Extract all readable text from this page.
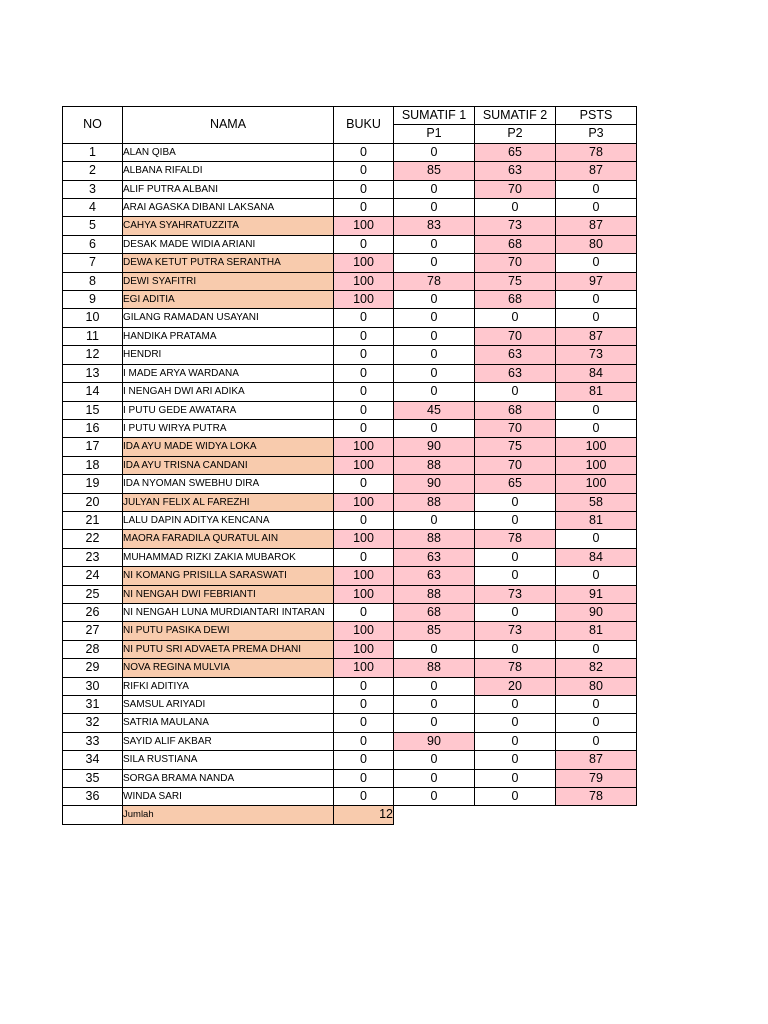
NO	NAMA	BUKU	SUMATIF 1	SUMATIF 2	PSTS
			P1	P2	P3
1	ALAN QIBA	0	0	65	78
2	ALBANA RIFALDI	0	85	63	87
3	ALIF PUTRA ALBANI	0	0	70	0
4	ARAI AGASKA DIBANI LAKSANA	0	0	0	0
5	CAHYA SYAHRATUZZITA	100	83	73	87
6	DESAK MADE WIDIA ARIANI	0	0	68	80
7	DEWA KETUT PUTRA SERANTHA	100	0	70	0
8	DEWI SYAFITRI	100	78	75	97
9	EGI ADITIA	100	0	68	0
10	GILANG RAMADAN USAYANI	0	0	0	0
11	HANDIKA PRATAMA	0	0	70	87
12	HENDRI	0	0	63	73
13	I MADE ARYA WARDANA	0	0	63	84
14	I NENGAH DWI ARI ADIKA	0	0	0	81
15	I PUTU GEDE AWATARA	0	45	68	0
16	I PUTU WIRYA PUTRA	0	0	70	0
17	IDA AYU MADE WIDYA LOKA	100	90	75	100
18	IDA AYU TRISNA CANDANI	100	88	70	100
19	IDA NYOMAN SWEBHU DIRA	0	90	65	100
20	JULYAN FELIX AL FAREZHI	100	88	0	58
21	LALU DAPIN ADITYA KENCANA	0	0	0	81
22	MAORA FARADILA QURATUL AIN	100	88	78	0
23	MUHAMMAD RIZKI ZAKIA MUBAROK	0	63	0	84
24	NI KOMANG PRISILLA SARASWATI	100	63	0	0
25	NI NENGAH DWI FEBRIANTI	100	88	73	91
26	NI NENGAH LUNA MURDIANTARI INTARAN	0	68	0	90
27	NI PUTU PASIKA DEWI	100	85	73	81
28	NI PUTU SRI ADVAETA PREMA DHANI	100	0	0	0
29	NOVA REGINA MULVIA	100	88	78	82
30	RIFKI ADITIYA	0	0	20	80
31	SAMSUL ARIYADI	0	0	0	0
32	SATRIA MAULANA	0	0	0	0
33	SAYID ALIF AKBAR	0	90	0	0
34	SILA RUSTIANA	0	0	0	87
35	SORGA BRAMA NANDA	0	0	0	79
36	WINDA SARI	0	0	0	78
	Jumlah	12			
